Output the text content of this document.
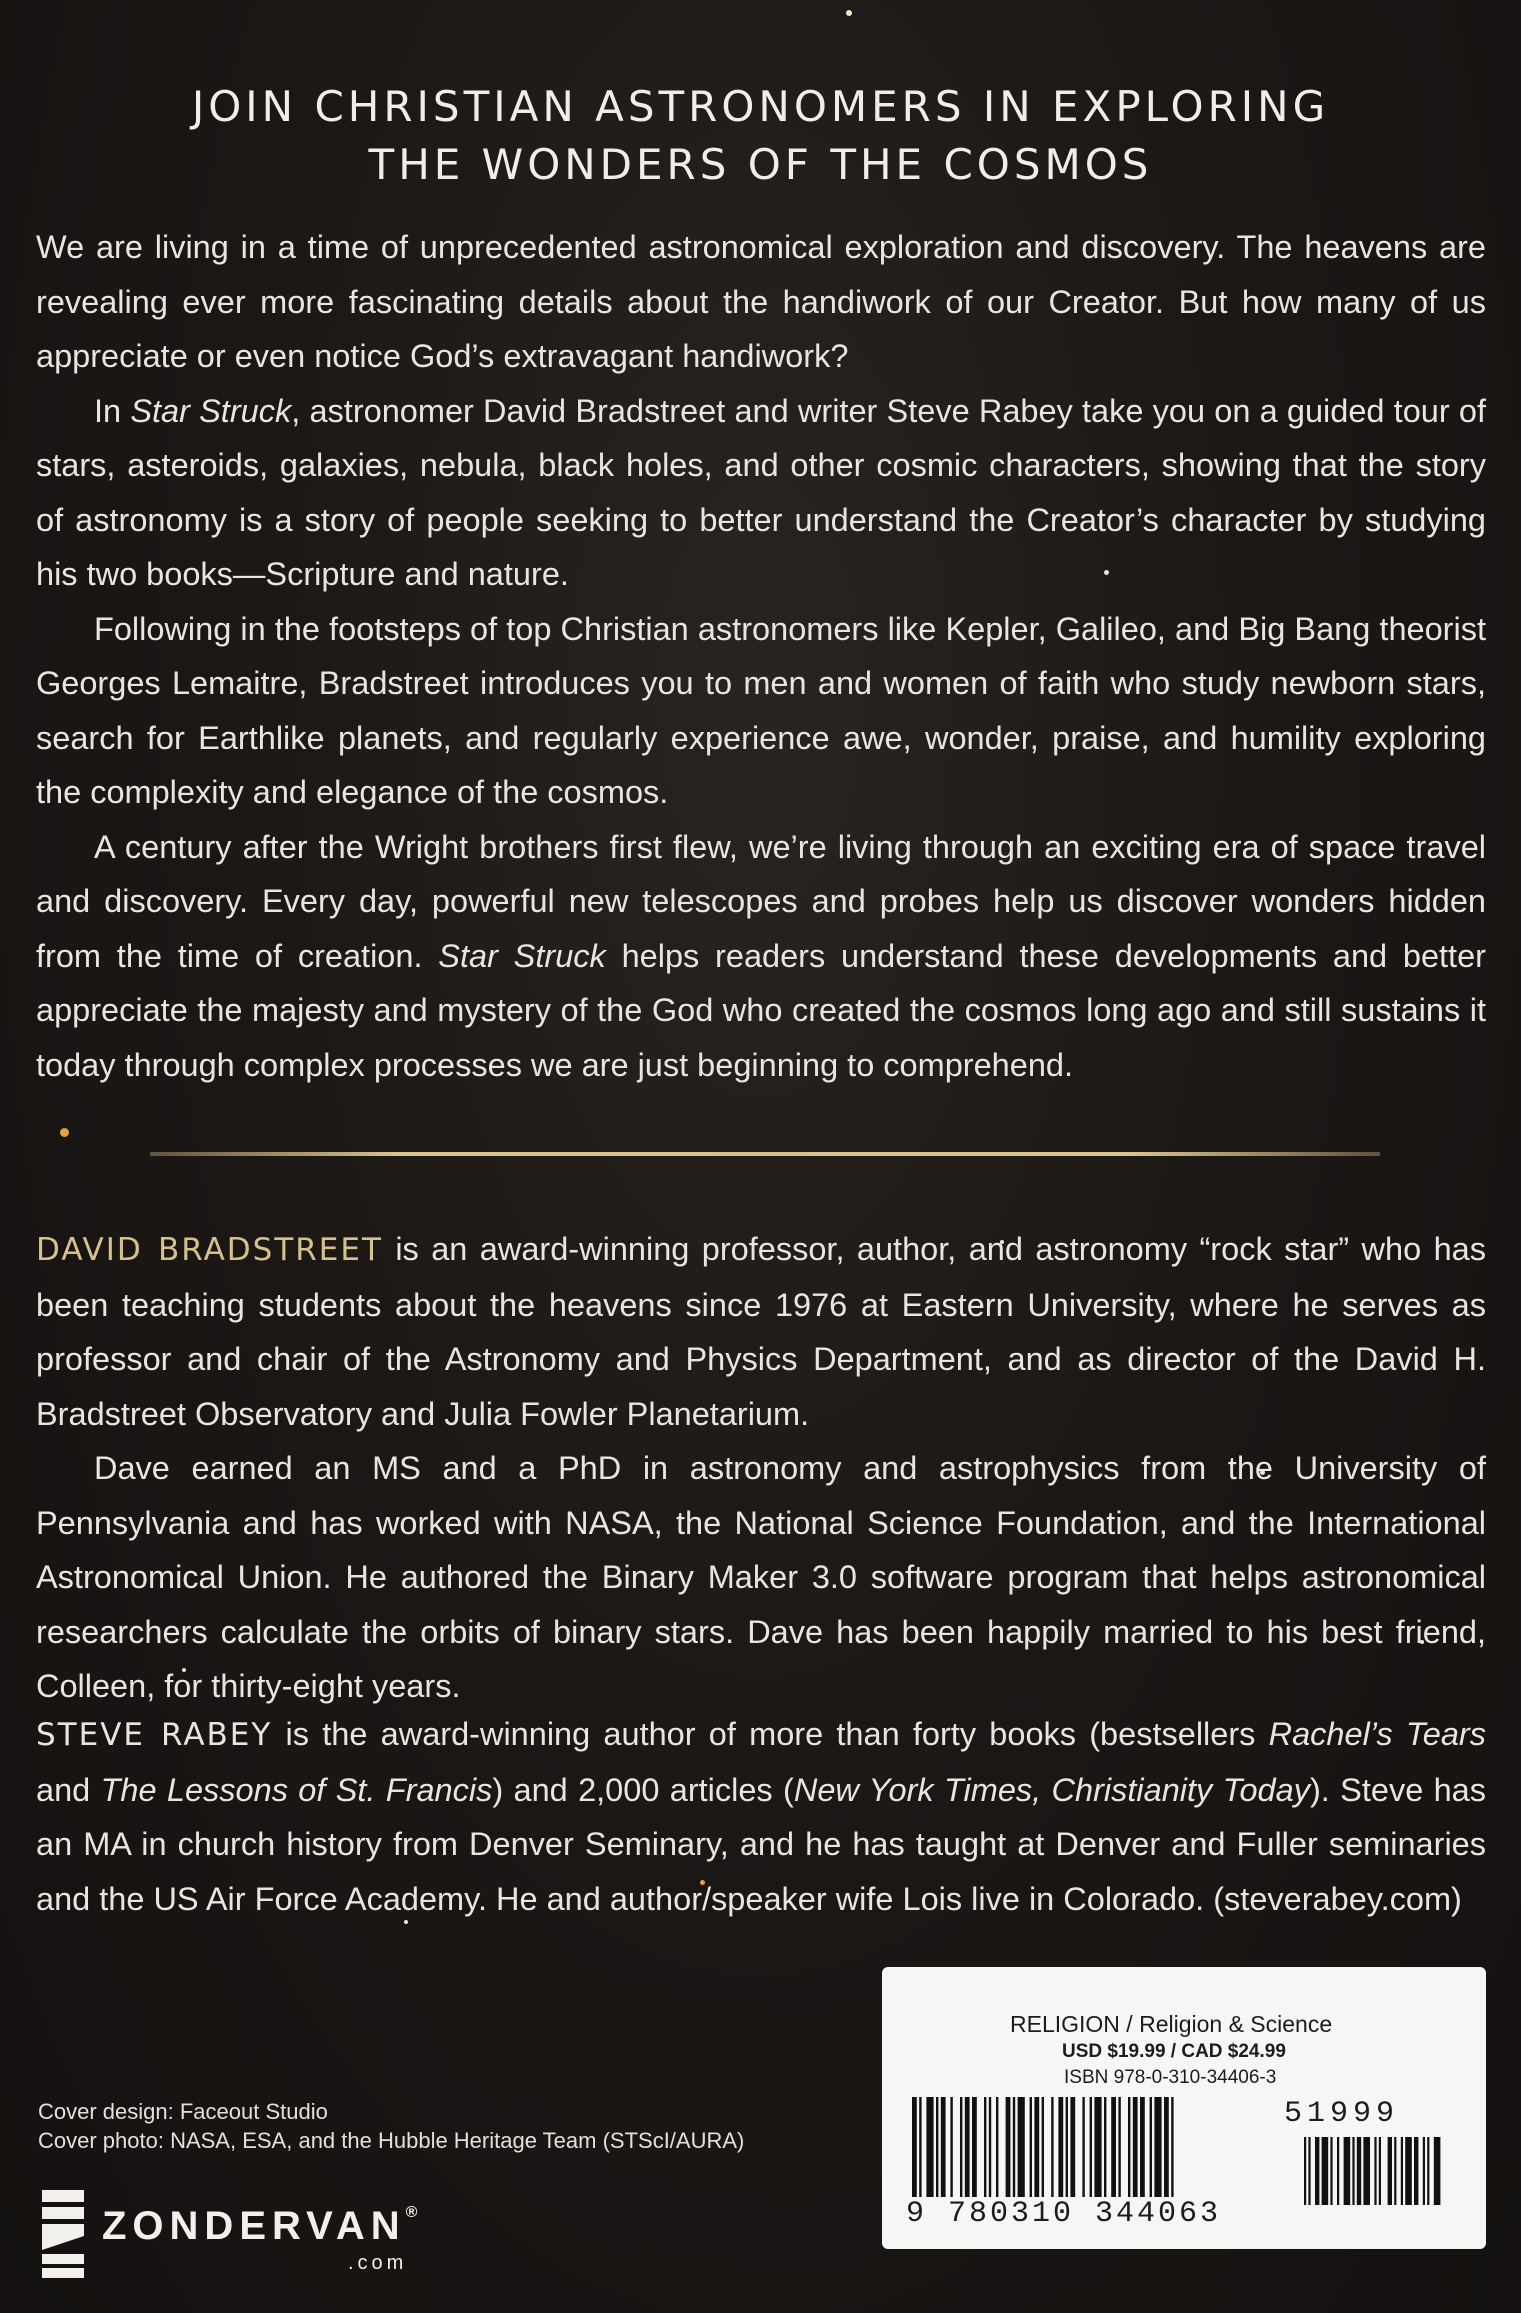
JOIN CHRISTIAN ASTRONOMERS IN EXPLORING
THE WONDERS OF THE COSMOS

We are living in a time of unprecedented astronomical exploration and discovery. The heavens are revealing ever more fascinating details about the handiwork of our Creator. But how many of us appreciate or even notice God’s extravagant handiwork?

In Star Struck, astronomer David Bradstreet and writer Steve Rabey take you on a guided tour of stars, asteroids, galaxies, nebula, black holes, and other cosmic characters, showing that the story of astronomy is a story of people seeking to better understand the Creator’s character by studying his two books—Scripture and nature.

Following in the footsteps of top Christian astronomers like Kepler, Galileo, and Big Bang theorist Georges Lemaitre, Bradstreet introduces you to men and women of faith who study newborn stars, search for Earthlike planets, and regularly experience awe, wonder, praise, and humility exploring the complexity and elegance of the cosmos.

A century after the Wright brothers first flew, we’re living through an exciting era of space travel and discovery. Every day, powerful new telescopes and probes help us discover wonders hidden from the time of creation. Star Struck helps readers understand these developments and better appreciate the majesty and mystery of the God who created the cosmos long ago and still sustains it today through complex processes we are just beginning to comprehend.

DAVID BRADSTREET is an award-winning professor, author, and astronomy “rock star” who has been teaching students about the heavens since 1976 at Eastern University, where he serves as professor and chair of the Astronomy and Physics Department, and as director of the David H. Bradstreet Observatory and Julia Fowler Planetarium.

Dave earned an MS and a PhD in astronomy and astrophysics from the University of Pennsylvania and has worked with NASA, the National Science Foundation, and the International Astronomical Union. He authored the Binary Maker 3.0 software program that helps astronomical researchers calculate the orbits of binary stars. Dave has been happily married to his best friend, Colleen, for thirty-eight years.

STEVE RABEY is the award-winning author of more than forty books (bestsellers Rachel’s Tears and The Lessons of St. Francis) and 2,000 articles (New York Times, Christianity Today). Steve has an MA in church history from Denver Seminary, and he has taught at Denver and Fuller seminaries and the US Air Force Academy. He and author/speaker wife Lois live in Colorado. (steverabey.com)

Cover design: Faceout Studio
Cover photo: NASA, ESA, and the Hubble Heritage Team (STScI/AURA)
ZONDERVAN®
.com
RELIGION / Religion & Science
USD $19.99 / CAD $24.99
ISBN 978-0-310-34406-3
51999
9 780310 344063
